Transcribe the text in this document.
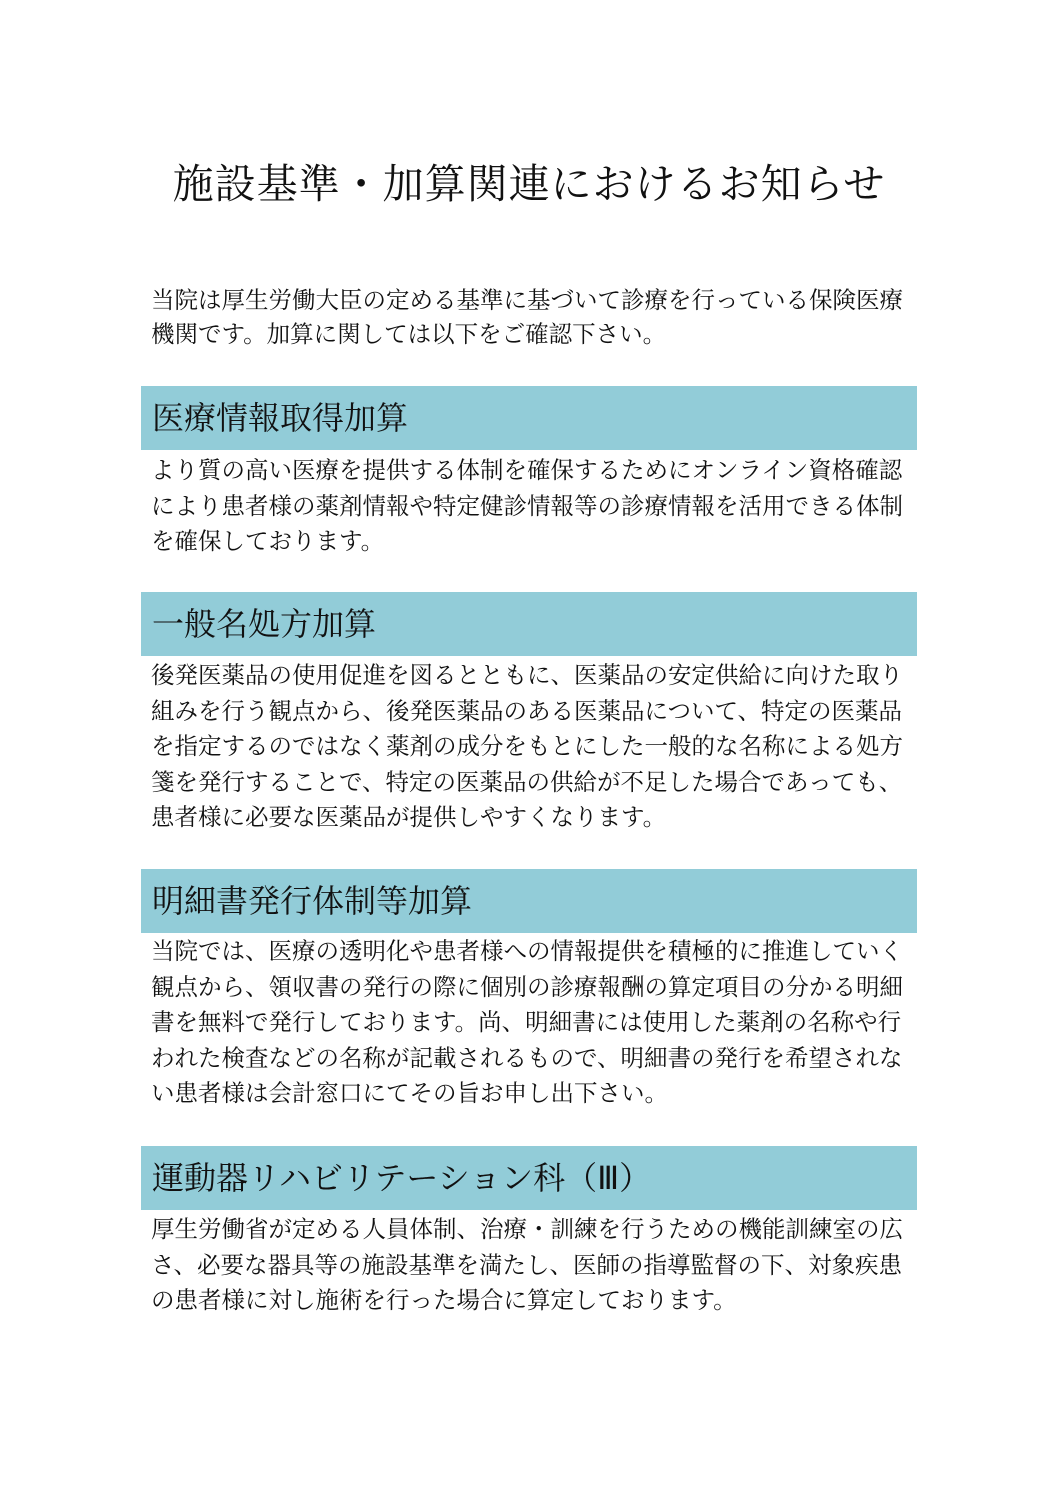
施設基準・加算関連におけるお知らせ

当院は厚生労働大臣の定める基準に基づいて診療を行っている保険医療機関です。加算に関しては以下をご確認下さい。

医療情報取得加算

より質の高い医療を提供する体制を確保するためにオンライン資格確認により患者様の薬剤情報や特定健診情報等の診療情報を活用できる体制を確保しております。

一般名処方加算

後発医薬品の使用促進を図るとともに、医薬品の安定供給に向けた取り組みを行う観点から、後発医薬品のある医薬品について、特定の医薬品を指定するのではなく薬剤の成分をもとにした一般的な名称による処方箋を発行することで、特定の医薬品の供給が不足した場合であっても、患者様に必要な医薬品が提供しやすくなります。

明細書発行体制等加算

当院では、医療の透明化や患者様への情報提供を積極的に推進していく観点から、領収書の発行の際に個別の診療報酬の算定項目の分かる明細書を無料で発行しております。尚、明細書には使用した薬剤の名称や行われた検査などの名称が記載されるもので、明細書の発行を希望されない患者様は会計窓口にてその旨お申し出下さい。

運動器リハビリテーション科（Ⅲ）

厚生労働省が定める人員体制、治療・訓練を行うための機能訓練室の広さ、必要な器具等の施設基準を満たし、医師の指導監督の下、対象疾患の患者様に対し施術を行った場合に算定しております。
